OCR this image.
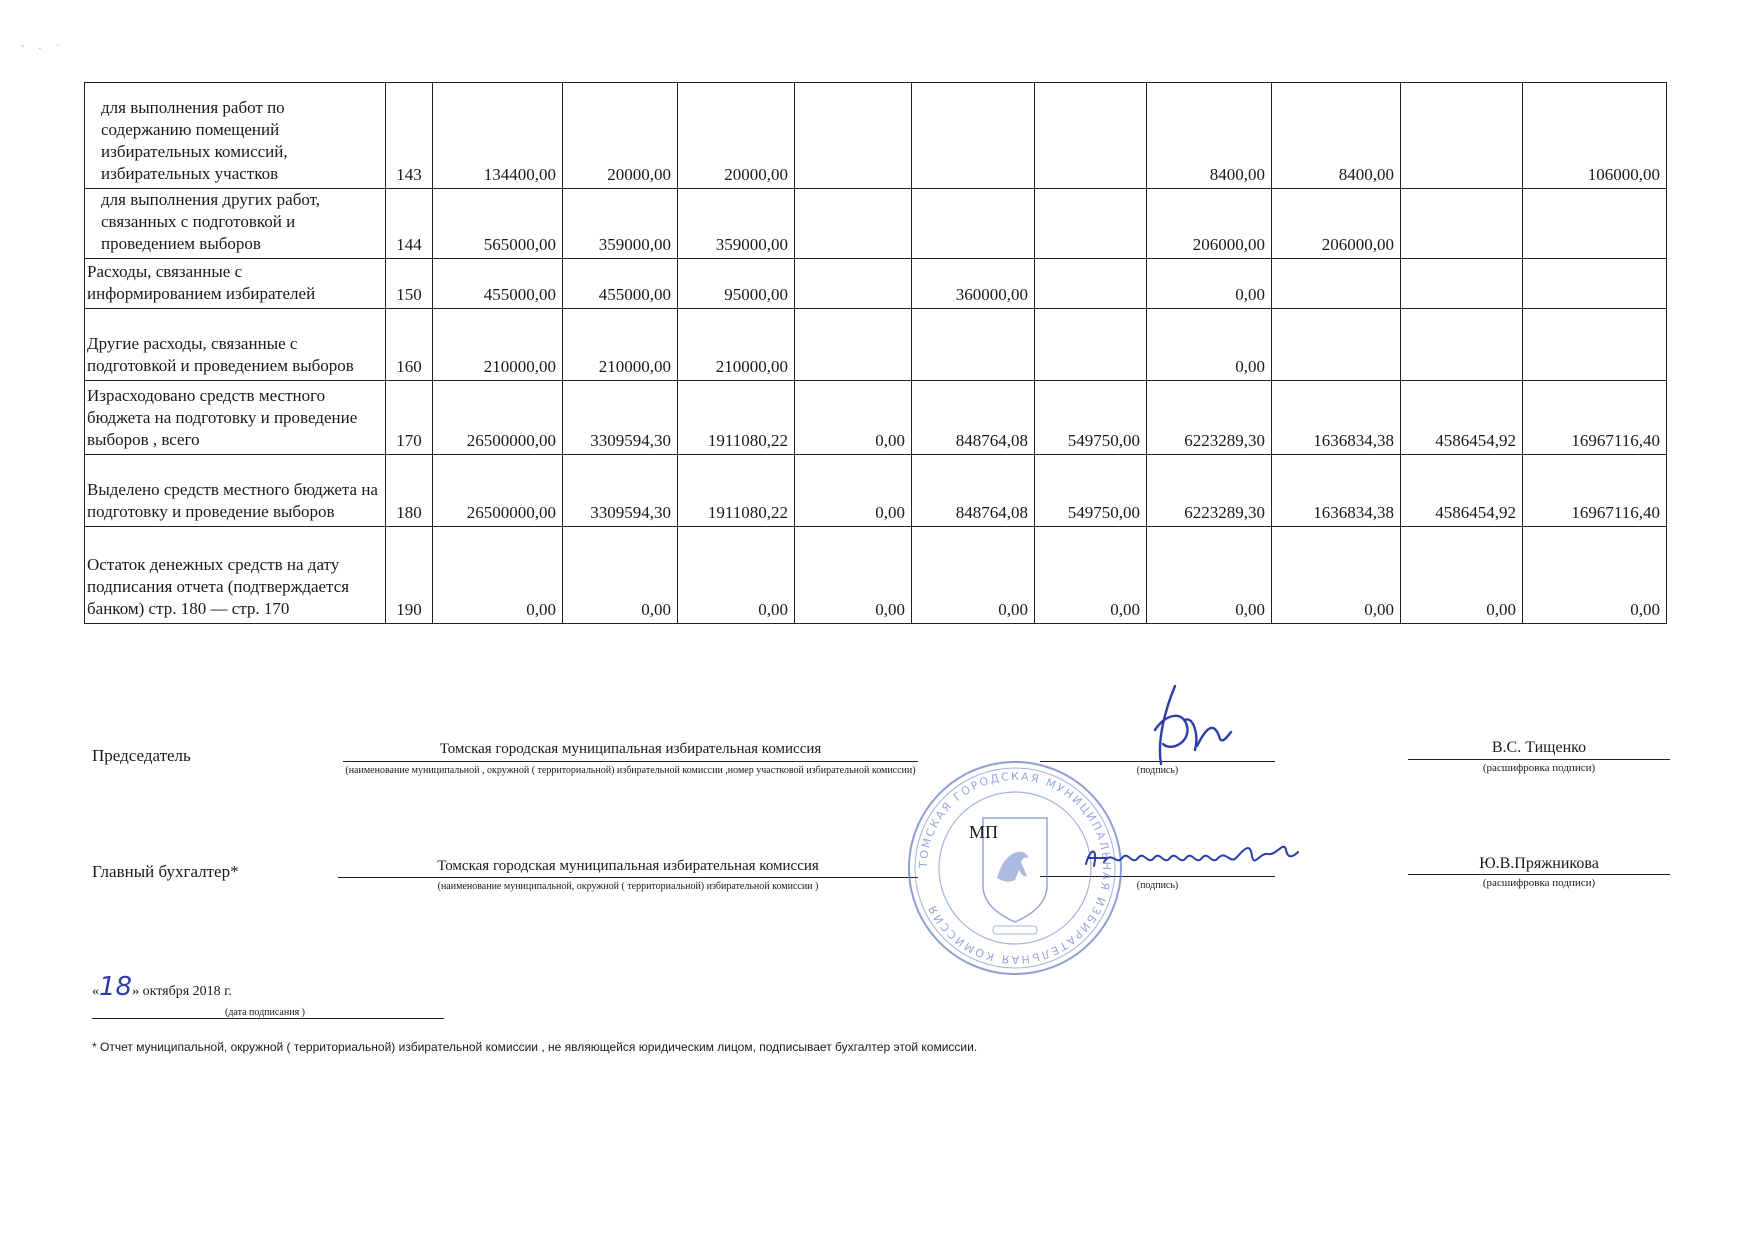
' · `
для выполнения работ по содержанию помещений избирательных комиссий, избирательных участков	143	134400,00	20000,00	20000,00				8400,00	8400,00		106000,00
для выполнения других работ, связанных с подготовкой и проведением выборов	144	565000,00	359000,00	359000,00				206000,00	206000,00		
Расходы, связанные с информированием избирателей	150	455000,00	455000,00	95000,00		360000,00		0,00			
Другие расходы, связанные с подготовкой и проведением выборов	160	210000,00	210000,00	210000,00				0,00			
Израсходовано средств местного бюджета на подготовку и проведение выборов , всего	170	26500000,00	3309594,30	1911080,22	0,00	848764,08	549750,00	6223289,30	1636834,38	4586454,92	16967116,40
Выделено средств местного бюджета на подготовку и проведение выборов	180	26500000,00	3309594,30	1911080,22	0,00	848764,08	549750,00	6223289,30	1636834,38	4586454,92	16967116,40
Остаток денежных средств на дату подписания отчета (подтверждается банком) стр. 180 — стр. 170	190	0,00	0,00	0,00	0,00	0,00	0,00	0,00	0,00	0,00	0,00
Председатель	Томская городская муниципальная избирательная комиссия
(наименование муниципальной , окружной ( территориальной) избирательной комиссии ,номер участковой избирательной комиссии)	(подпись)
В.С. Тищенко
(расшифровка подписи)
Главный бухгалтер*	Томская городская муниципальная избирательная комиссия
(наименование муниципальной, окружной ( территориальной) избирательной комиссии )	(подпись)
Ю.В.Пряжникова
(расшифровка подписи)
ТОМСКАЯ ГОРОДСКАЯ МУНИЦИПАЛЬНАЯ ИЗБИРАТЕЛЬНАЯ КОМИССИЯ
МП
«18» октября 2018 г.
(дата подписания )
* Отчет муниципальной, окружной ( территориальной) избирательной комиссии , не являющейся юридическим лицом, подписывает бухгалтер этой комиссии.
